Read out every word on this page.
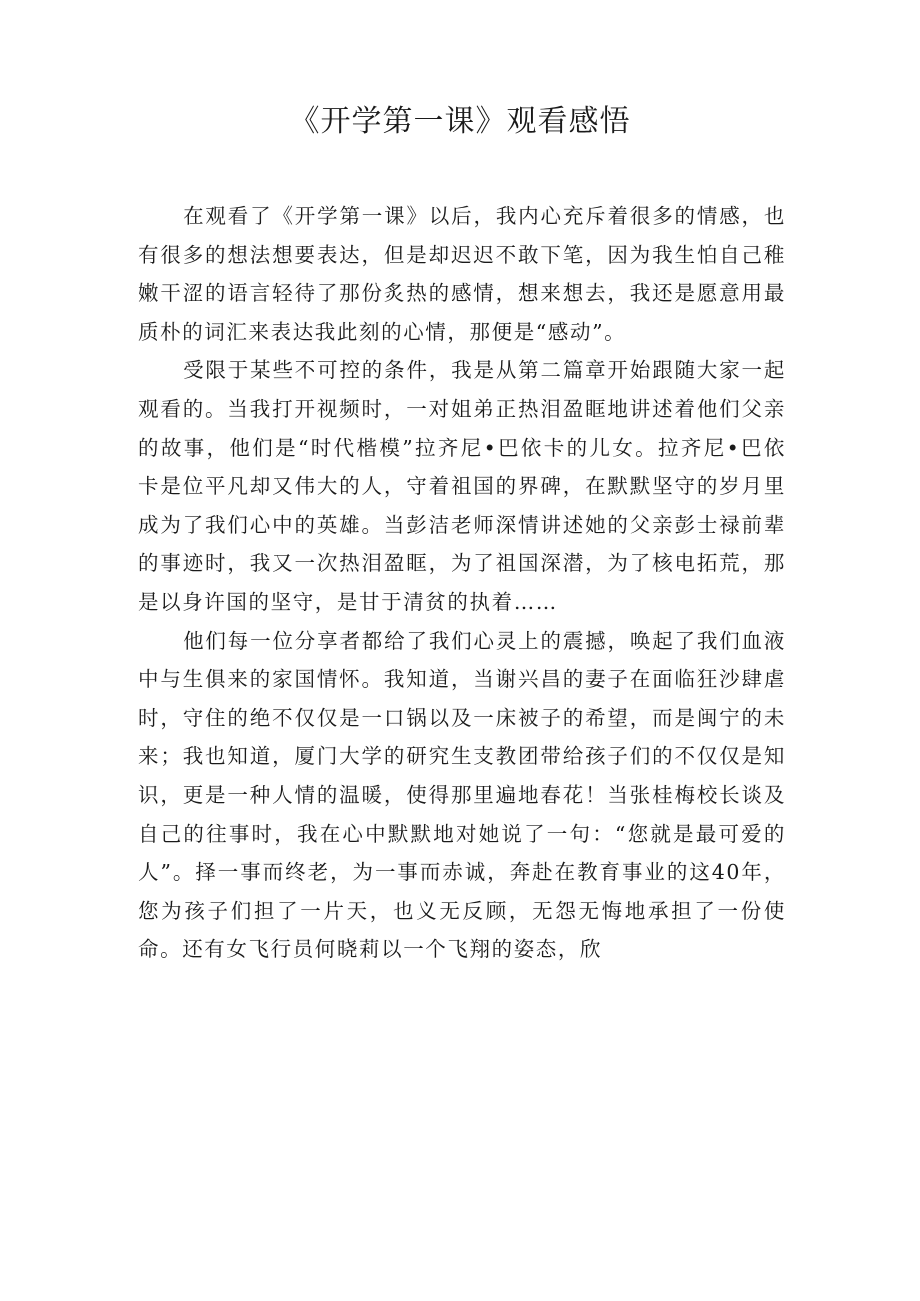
《开学第一课》观看感悟

在观看了《开学第一课》以后，我内心充斥着很多的情感，也有很多的想法想要表达，但是却迟迟不敢下笔，因为我生怕自己稚嫩干涩的语言轻待了那份炙热的感情，想来想去，我还是愿意用最质朴的词汇来表达我此刻的心情，那便是“感动”。

受限于某些不可控的条件，我是从第二篇章开始跟随大家一起观看的。当我打开视频时，一对姐弟正热泪盈眶地讲述着他们父亲的故事，他们是“时代楷模”拉齐尼•巴依卡的儿女。拉齐尼•巴依卡是位平凡却又伟大的人，守着祖国的界碑，在默默坚守的岁月里成为了我们心中的英雄。当彭洁老师深情讲述她的父亲彭士禄前辈的事迹时，我又一次热泪盈眶，为了祖国深潜，为了核电拓荒，那是以身许国的坚守，是甘于清贫的执着……

他们每一位分享者都给了我们心灵上的震撼，唤起了我们血液中与生俱来的家国情怀。我知道，当谢兴昌的妻子在面临狂沙肆虐时，守住的绝不仅仅是一口锅以及一床被子的希望，而是闽宁的未来；我也知道，厦门大学的研究生支教团带给孩子们的不仅仅是知识，更是一种人情的温暖，使得那里遍地春花！当张桂梅校长谈及自己的往事时，我在心中默默地对她说了一句：“您就是最可爱的人”。择一事而终老，为一事而赤诚，奔赴在教育事业的这40年，您为孩子们担了一片天，也义无反顾，无怨无悔地承担了一份使命。还有女飞行员何晓莉以一个飞翔的姿态，欣
